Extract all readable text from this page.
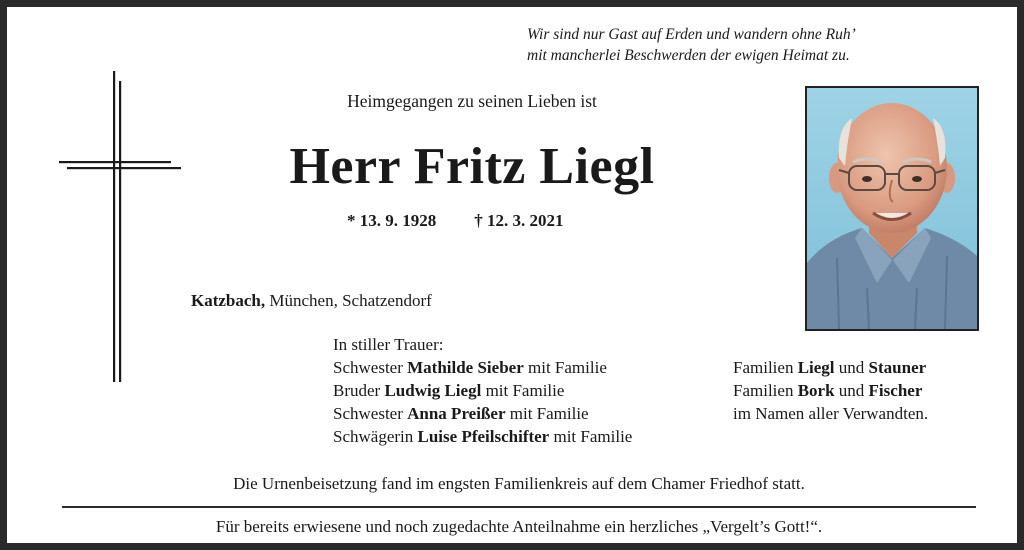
Wir sind nur Gast auf Erden und wandern ohne Ruh’
mit mancherlei Beschwerden der ewigen Heimat zu.
Heimgegangen zu seinen Lieben ist
Herr Fritz Liegl
* 13. 9. 1928 † 12. 3. 2021
Katzbach, München, Schatzendorf
In stiller Trauer:
Schwester Mathilde Sieber mit Familie
Bruder Ludwig Liegl mit Familie
Schwester Anna Preißer mit Familie
Schwägerin Luise Pfeilschifter mit Familie
Familien Liegl und Stauner
Familien Bork und Fischer
im Namen aller Verwandten.
Die Urnenbeisetzung fand im engsten Familienkreis auf dem Chamer Friedhof statt.
Für bereits erwiesene und noch zugedachte Anteilnahme ein herzliches „Vergelt’s Gott!“.
